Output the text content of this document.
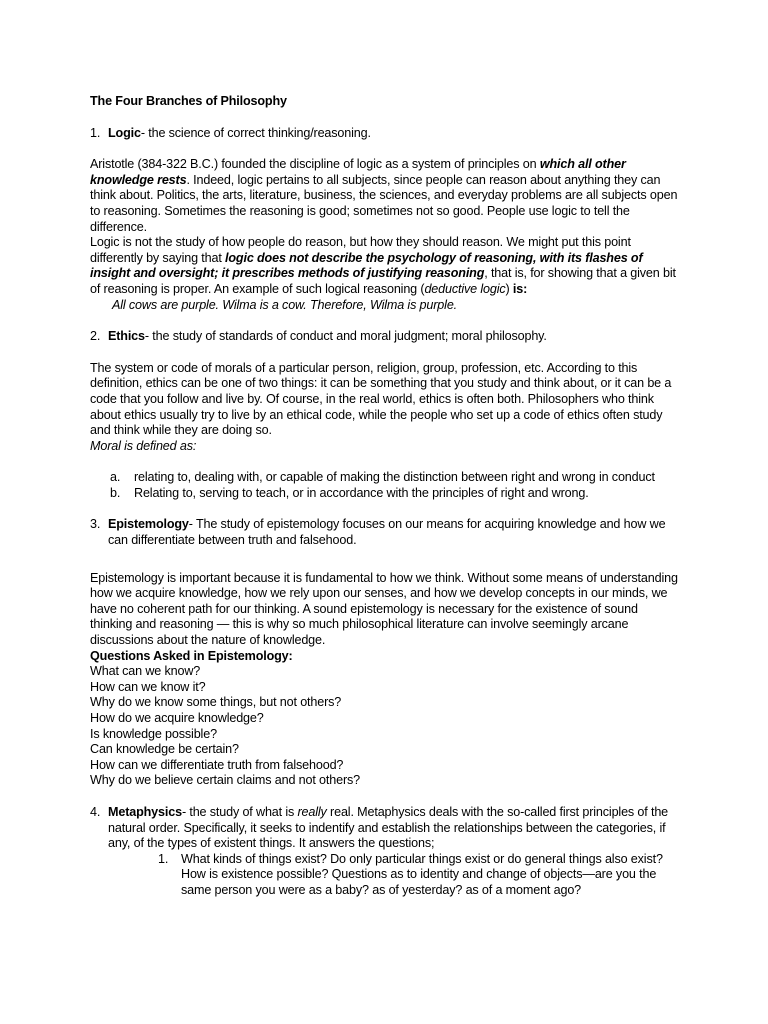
The Four Branches of Philosophy

1. Logic- the science of correct thinking/reasoning.

Aristotle (384-322 B.C.) founded the discipline of logic as a system of principles on which all other knowledge rests. Indeed, logic pertains to all subjects, since people can reason about anything they can think about. Politics, the arts, literature, business, the sciences, and everyday problems are all subjects open to reasoning. Sometimes the reasoning is good; sometimes not so good. People use logic to tell the difference.

Logic is not the study of how people do reason, but how they should reason. We might put this point differently by saying that logic does not describe the psychology of reasoning, with its flashes of insight and oversight; it prescribes methods of justifying reasoning, that is, for showing that a given bit of reasoning is proper. An example of such logical reasoning (deductive logic) is:

All cows are purple. Wilma is a cow. Therefore, Wilma is purple.

2. Ethics- the study of standards of conduct and moral judgment; moral philosophy.

The system or code of morals of a particular person, religion, group, profession, etc. According to this definition, ethics can be one of two things: it can be something that you study and think about, or it can be a code that you follow and live by. Of course, in the real world, ethics is often both. Philosophers who think about ethics usually try to live by an ethical code, while the people who set up a code of ethics often study and think while they are doing so.

Moral is defined as:

a.	relating to, dealing with, or capable of making the distinction between right and wrong in conduct
b.	Relating to, serving to teach, or in accordance with the principles of right and wrong.
3. Epistemology- The study of epistemology focuses on our means for acquiring knowledge and how we can differentiate between truth and falsehood.

Epistemology is important because it is fundamental to how we think. Without some means of understanding how we acquire knowledge, how we rely upon our senses, and how we develop concepts in our minds, we have no coherent path for our thinking. A sound epistemology is necessary for the existence of sound thinking and reasoning — this is why so much philosophical literature can involve seemingly arcane discussions about the nature of knowledge.

Questions Asked in Epistemology:

What can we know?
How can we know it?
Why do we know some things, but not others?
How do we acquire knowledge?
Is knowledge possible?
Can knowledge be certain?
How can we differentiate truth from falsehood?
Why do we believe certain claims and not others?
4. Metaphysics- the study of what is really real. Metaphysics deals with the so-called first principles of the natural order. Specifically, it seeks to indentify and establish the relationships between the categories, if any, of the types of existent things. It answers the questions;
1.	What kinds of things exist? Do only particular things exist or do general things also exist? How is existence possible? Questions as to identity and change of objects—are you the same person you were as a baby? as of yesterday? as of a moment ago?
